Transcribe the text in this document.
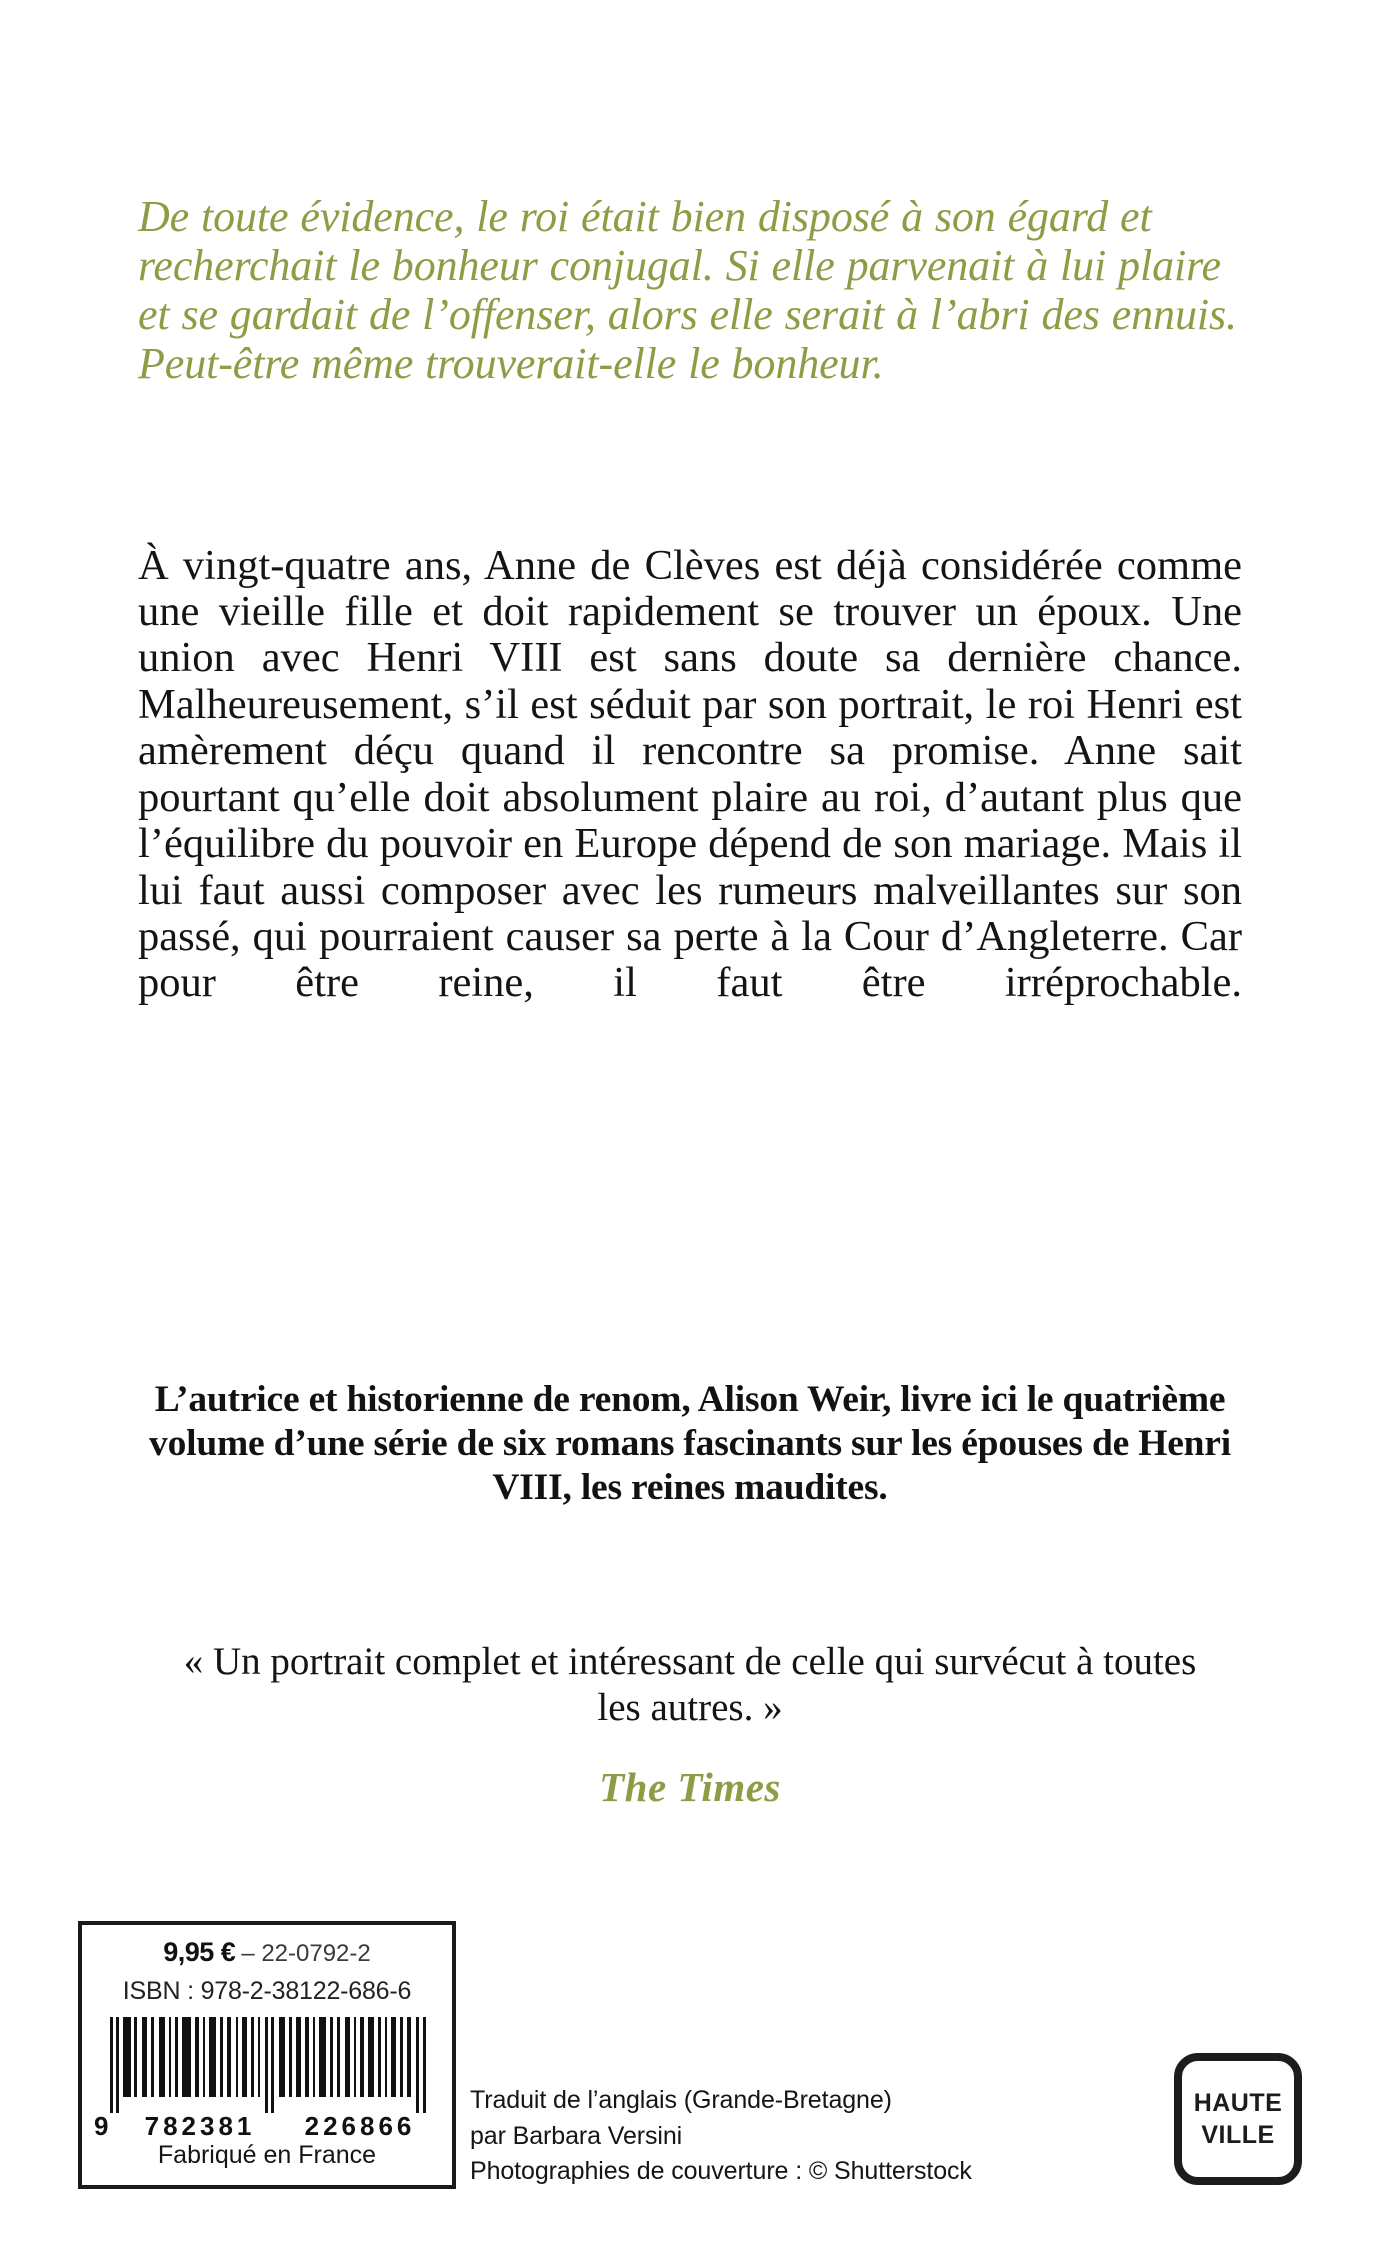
De toute évidence, le roi était bien disposé à son égard et recherchait le bonheur conjugal. Si elle parvenait à lui plaire et se gardait de l’offenser, alors elle serait à l’abri des ennuis. Peut-être même trouverait-elle le bonheur.

À vingt-quatre ans, Anne de Clèves est déjà considérée comme une vieille fille et doit rapidement se trouver un époux. Une union avec Henri VIII est sans doute sa dernière chance. Malheureusement, s’il est séduit par son portrait, le roi Henri est amèrement déçu quand il rencontre sa promise. Anne sait pourtant qu’elle doit absolument plaire au roi, d’autant plus que l’équilibre du pouvoir en Europe dépend de son mariage. Mais il lui faut aussi composer avec les rumeurs malveillantes sur son passé, qui pourraient causer sa perte à la Cour d’Angleterre. Car pour être reine, il faut être irréprochable.

L’autrice et historienne de renom, Alison Weir, livre ici le quatrième volume d’une série de six romans fascinants sur les épouses de Henri VIII, les reines maudites.

« Un portrait complet et intéressant de celle qui survécut à toutes les autres. »

The Times

9,95 € – 22-0792-2
ISBN : 978-2-38122-686-6
9	782381	226866
Fabriqué en France
Traduit de l’anglais (Grande-Bretagne)
par Barbara Versini
Photographies de couverture : © Shutterstock
HAUTE
VILLE
